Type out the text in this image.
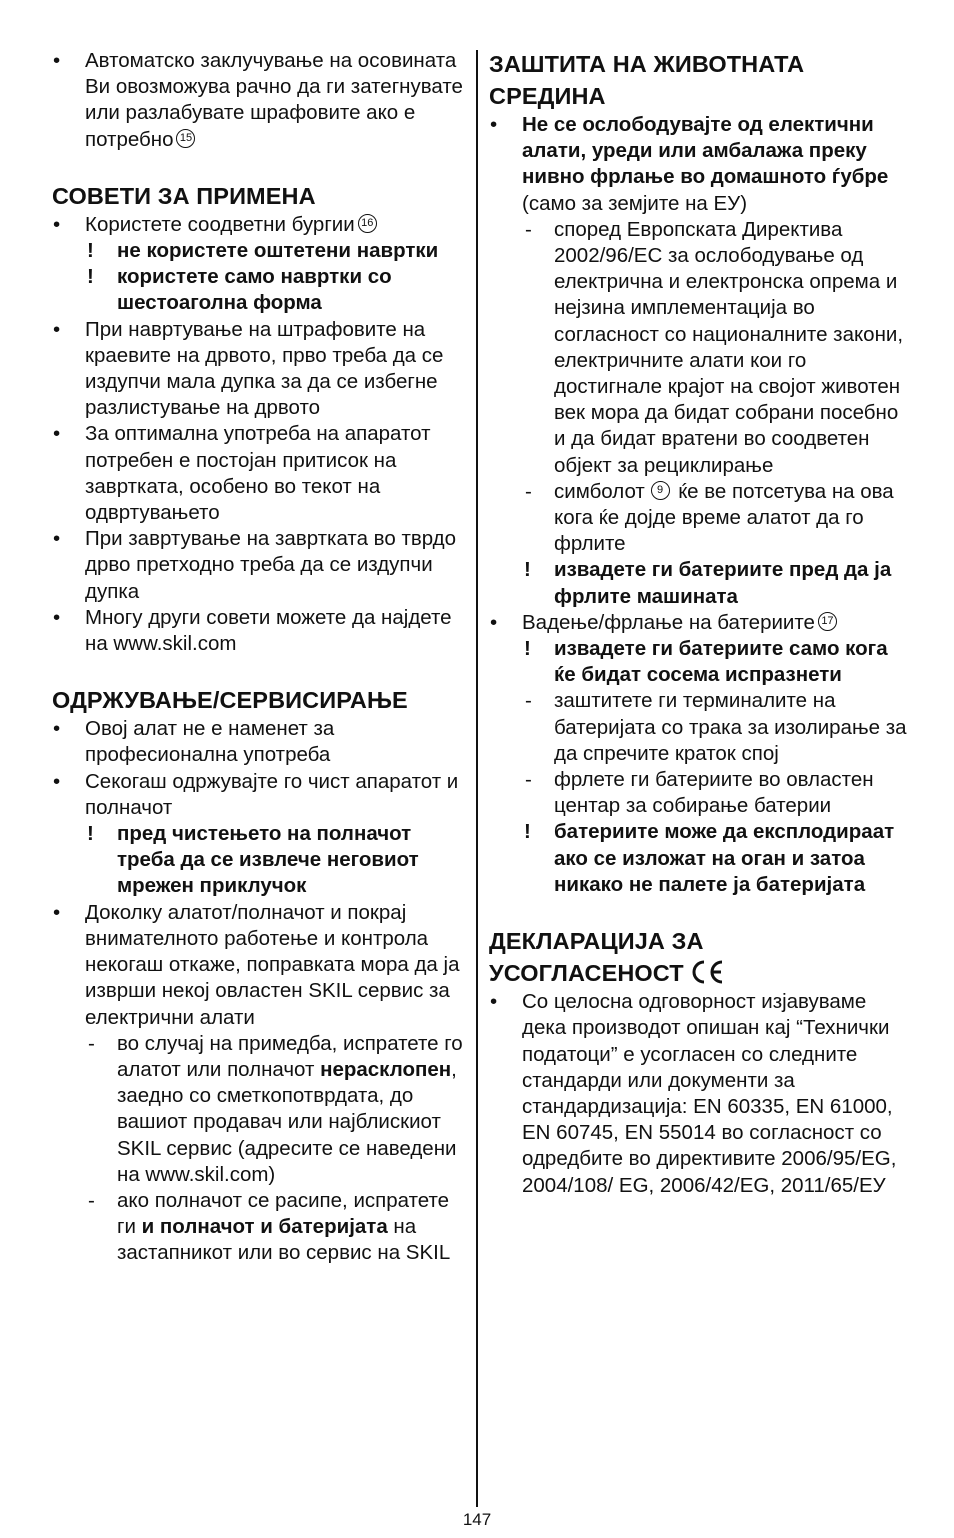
•	Автоматско заклучување на осовината
Ви овозможува рачно да ги затегнувате или разлабувате шрафовите ако е потребно 15
СОВЕТИ ЗА ПРИМЕНА
•	Користете соодветни бургии 16
!	не користете оштетени навртки
!	користете само навртки со шестоаголна форма
•	При навртување на штрафовите на краевите на дрвото, прво треба да се издупчи мала дупка за да се избегне разлистување на дрвото
•	За оптимална употреба на апаратот потребен е постојан притисок на завртката, особено во текот на одвртувањето
•	При завртување на завртката во тврдо дрво претходно треба да се издупчи дупка
•	Многу други совети можете да најдете на www.skil.com
ОДРЖУВАЊЕ/СЕРВИСИРАЊЕ
•	Овој алат не е наменет за професионална употреба
•	Секогаш одржувајте го чист апаратот и полначот
!	пред чистењето на полначот треба да се извлече неговиот мрежен приклучок
•	Доколку алатот/полначот и покрај внимателното работење и контрола некогаш откаже, поправката мора да ја изврши некој овластен SKIL сервис за електрични алати
-	во случај на примедба, испратете го алатот или полначот нерасклопен, заедно со сметкопотврдата, до вашиот продавач или најблискиот SKIL сервис (адресите се наведени на www.skil.com)
-	ако полначот се расипе, испратете ги и полначот и батеријата на застапникот или во сервис на SKIL
ЗАШТИТА НА ЖИВОТНАТА СРЕДИНА
•	Не се ослободувајте од електични алати, уреди или амбалажа преку нивно фрлање во домашното ѓубре (само за земјите на ЕУ)
-	според Европската Директива 2002/96/ЕС за ослободување од електрична и електронска опрема и нејзина имплементација во согласност со националните закони, електричните алати кои го достигнале крајот на својот животен век мора да бидат собрани посебно и да бидат вратени во соодветен објект за рециклирање
-	симболот 9 ќе ве потсетува на ова кога ќе дојде време алатот да го фрлите
!	извадете ги батериите пред да ја фрлите машината
•	Вадење/фрлање на батериите 17
!	извадете ги батериите само кога ќе бидат сосема испразнети
-	заштитете ги терминалите на батеријата со трака за изолирање за да спречите краток спој
-	фрлете ги батериите во овластен центар за собирање батерии
!	батериите може да експлодираат ако се изложат на оган и затоа никако не палете ја батеријата
ДЕКЛАРАЦИЈА ЗА
УСОГЛАСЕНОСТ
•	Со целосна одговорност изјавуваме дека производот опишан кај “Технички податоци” е усогласен со следните стандарди или документи за стандардизација: EN 60335, EN 61000, EN 60745, EN 55014 во согласност со одредбите во директивите 2006/95/EG, 2004/108/ EG, 2006/42/EG, 2011/65/ЕУ
147
